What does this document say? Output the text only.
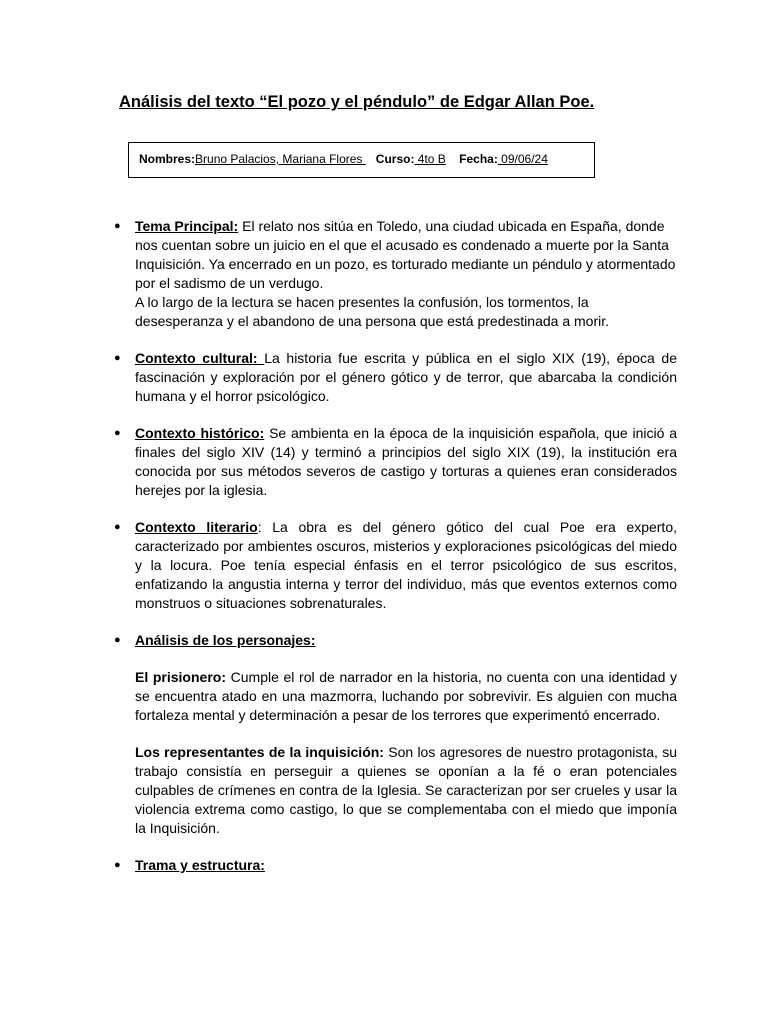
Análisis del texto “El pozo y el péndulo” de Edgar Allan Poe.
Nombres:Bruno Palacios, Mariana Flores    Curso: 4to B Fecha: 09/06/24
● Tema Principal: El relato nos sitúa en Toledo, una ciudad ubicada en España, donde nos cuentan sobre un juicio en el que el acusado es condenado a muerte por la Santa Inquisición. Ya encerrado en un pozo, es torturado mediante un péndulo y atormentado por el sadismo de un verdugo.

A lo largo de la lectura se hacen presentes la confusión, los tormentos, la desesperanza y el abandono de una persona que está predestinada a morir.

● Contexto cultural: La historia fue escrita y pública en el siglo XIX (19), época de fascinación y exploración por el género gótico y de terror, que abarcaba la condición humana y el horror psicológico.

● Contexto histórico: Se ambienta en la época de la inquisición española, que inició a finales del siglo XIV (14) y terminó a principios del siglo XIX (19), la institución era conocida por sus métodos severos de castigo y torturas a quienes eran considerados herejes por la iglesia.

● Contexto literario: La obra es del género gótico del cual Poe era experto, caracterizado por ambientes oscuros, misterios y exploraciones psicológicas del miedo y la locura. Poe tenía especial énfasis en el terror psicológico de sus escritos, enfatizando la angustia interna y terror del individuo, más que eventos externos como monstruos o situaciones sobrenaturales.

● Análisis de los personajes:

El prisionero: Cumple el rol de narrador en la historia, no cuenta con una identidad y se encuentra atado en una mazmorra, luchando por sobrevivir. Es alguien con mucha fortaleza mental y determinación a pesar de los terrores que experimentó encerrado.

Los representantes de la inquisición: Son los agresores de nuestro protagonista, su trabajo consistía en perseguir a quienes se oponían a la fé o eran potenciales culpables de crímenes en contra de la Iglesia. Se caracterizan por ser crueles y usar la violencia extrema como castigo, lo que se complementaba con el miedo que imponía la Inquisición.

● Trama y estructura:
